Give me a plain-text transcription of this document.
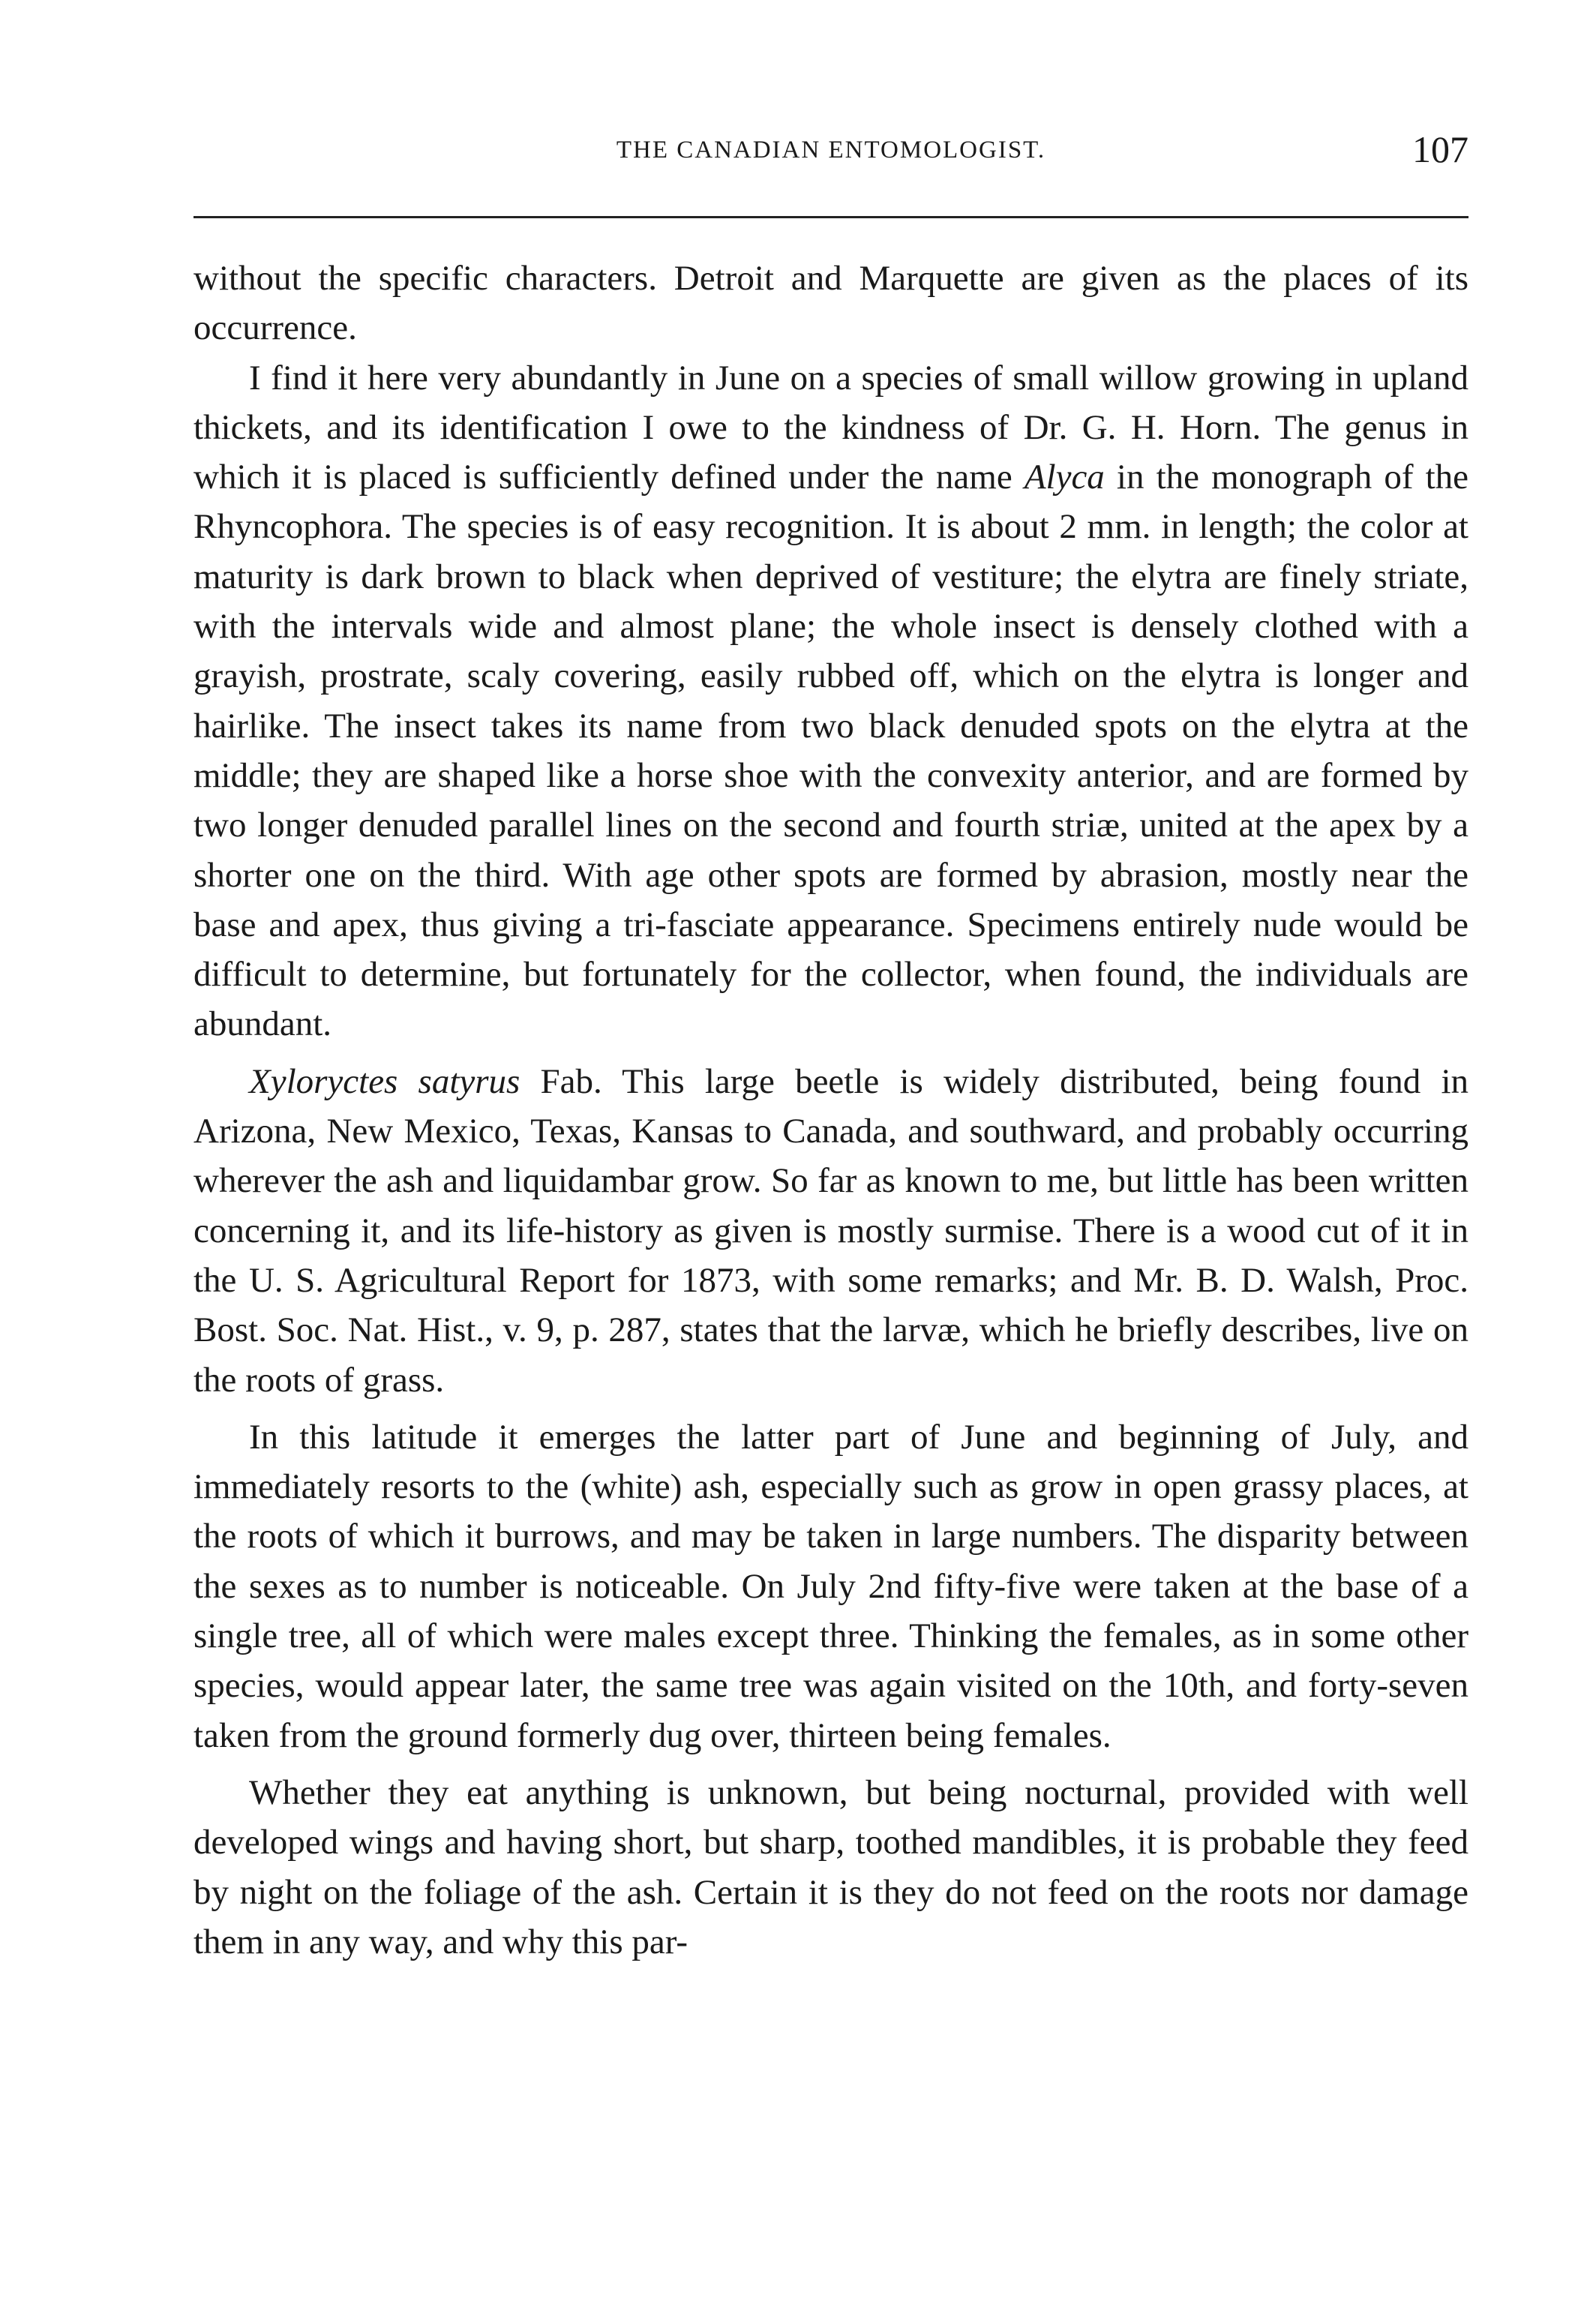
THE CANADIAN ENTOMOLOGIST.	107

without the specific characters. Detroit and Marquette are given as the places of its occurrence.

I find it here very abundantly in June on a species of small willow growing in upland thickets, and its identification I owe to the kindness of Dr. G. H. Horn. The genus in which it is placed is sufficiently defined under the name Alyca in the monograph of the Rhyncophora. The species is of easy recognition. It is about 2 mm. in length; the color at maturity is dark brown to black when deprived of vestiture; the elytra are finely striate, with the intervals wide and almost plane; the whole insect is densely clothed with a grayish, prostrate, scaly covering, easily rubbed off, which on the elytra is longer and hairlike. The insect takes its name from two black denuded spots on the elytra at the middle; they are shaped like a horse shoe with the convexity anterior, and are formed by two longer denuded parallel lines on the second and fourth striæ, united at the apex by a shorter one on the third. With age other spots are formed by abrasion, mostly near the base and apex, thus giving a tri-fasciate appearance. Specimens entirely nude would be difficult to determine, but fortunately for the collector, when found, the individuals are abundant.

Xyloryctes satyrus Fab. This large beetle is widely distributed, being found in Arizona, New Mexico, Texas, Kansas to Canada, and southward, and probably occurring wherever the ash and liquidambar grow. So far as known to me, but little has been written concerning it, and its life-history as given is mostly surmise. There is a wood cut of it in the U. S. Agricultural Report for 1873, with some remarks; and Mr. B. D. Walsh, Proc. Bost. Soc. Nat. Hist., v. 9, p. 287, states that the larvæ, which he briefly describes, live on the roots of grass.

In this latitude it emerges the latter part of June and beginning of July, and immediately resorts to the (white) ash, especially such as grow in open grassy places, at the roots of which it burrows, and may be taken in large numbers. The disparity between the sexes as to number is noticeable. On July 2nd fifty-five were taken at the base of a single tree, all of which were males except three. Thinking the females, as in some other species, would appear later, the same tree was again visited on the 10th, and forty-seven taken from the ground formerly dug over, thirteen being females.

Whether they eat anything is unknown, but being nocturnal, provided with well developed wings and having short, but sharp, toothed mandibles, it is probable they feed by night on the foliage of the ash. Certain it is they do not feed on the roots nor damage them in any way, and why this par-
